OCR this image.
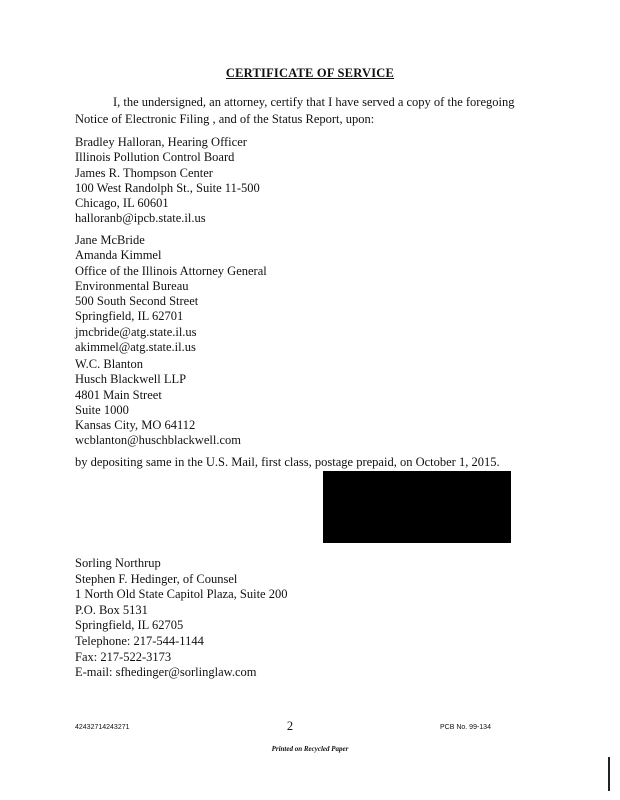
CERTIFICATE OF SERVICE
I, the undersigned, an attorney, certify that I have served a copy of the foregoing Notice of Electronic Filing , and of the Status Report, upon:
Bradley Halloran, Hearing Officer
Illinois Pollution Control Board
James R. Thompson Center
100 West Randolph St., Suite 11-500
Chicago, IL 60601
halloranb@ipcb.state.il.us
Jane McBride
Amanda Kimmel
Office of the Illinois Attorney General
Environmental Bureau
500 South Second Street
Springfield, IL 62701
jmcbride@atg.state.il.us
akimmel@atg.state.il.us
W.C. Blanton
Husch Blackwell LLP
4801 Main Street
Suite 1000
Kansas City, MO 64112
wcblanton@huschblackwell.com
by depositing same in the U.S. Mail, first class, postage prepaid, on October 1, 2015.
Sorling Northrup
Stephen F. Hedinger, of Counsel
1 North Old State Capitol Plaza, Suite 200
P.O. Box 5131
Springfield, IL 62705
Telephone: 217-544-1144
Fax: 217-522-3173
E-mail: sfhedinger@sorlinglaw.com
42432714243271	2	PCB No. 99-134
Printed on Recycled Paper
